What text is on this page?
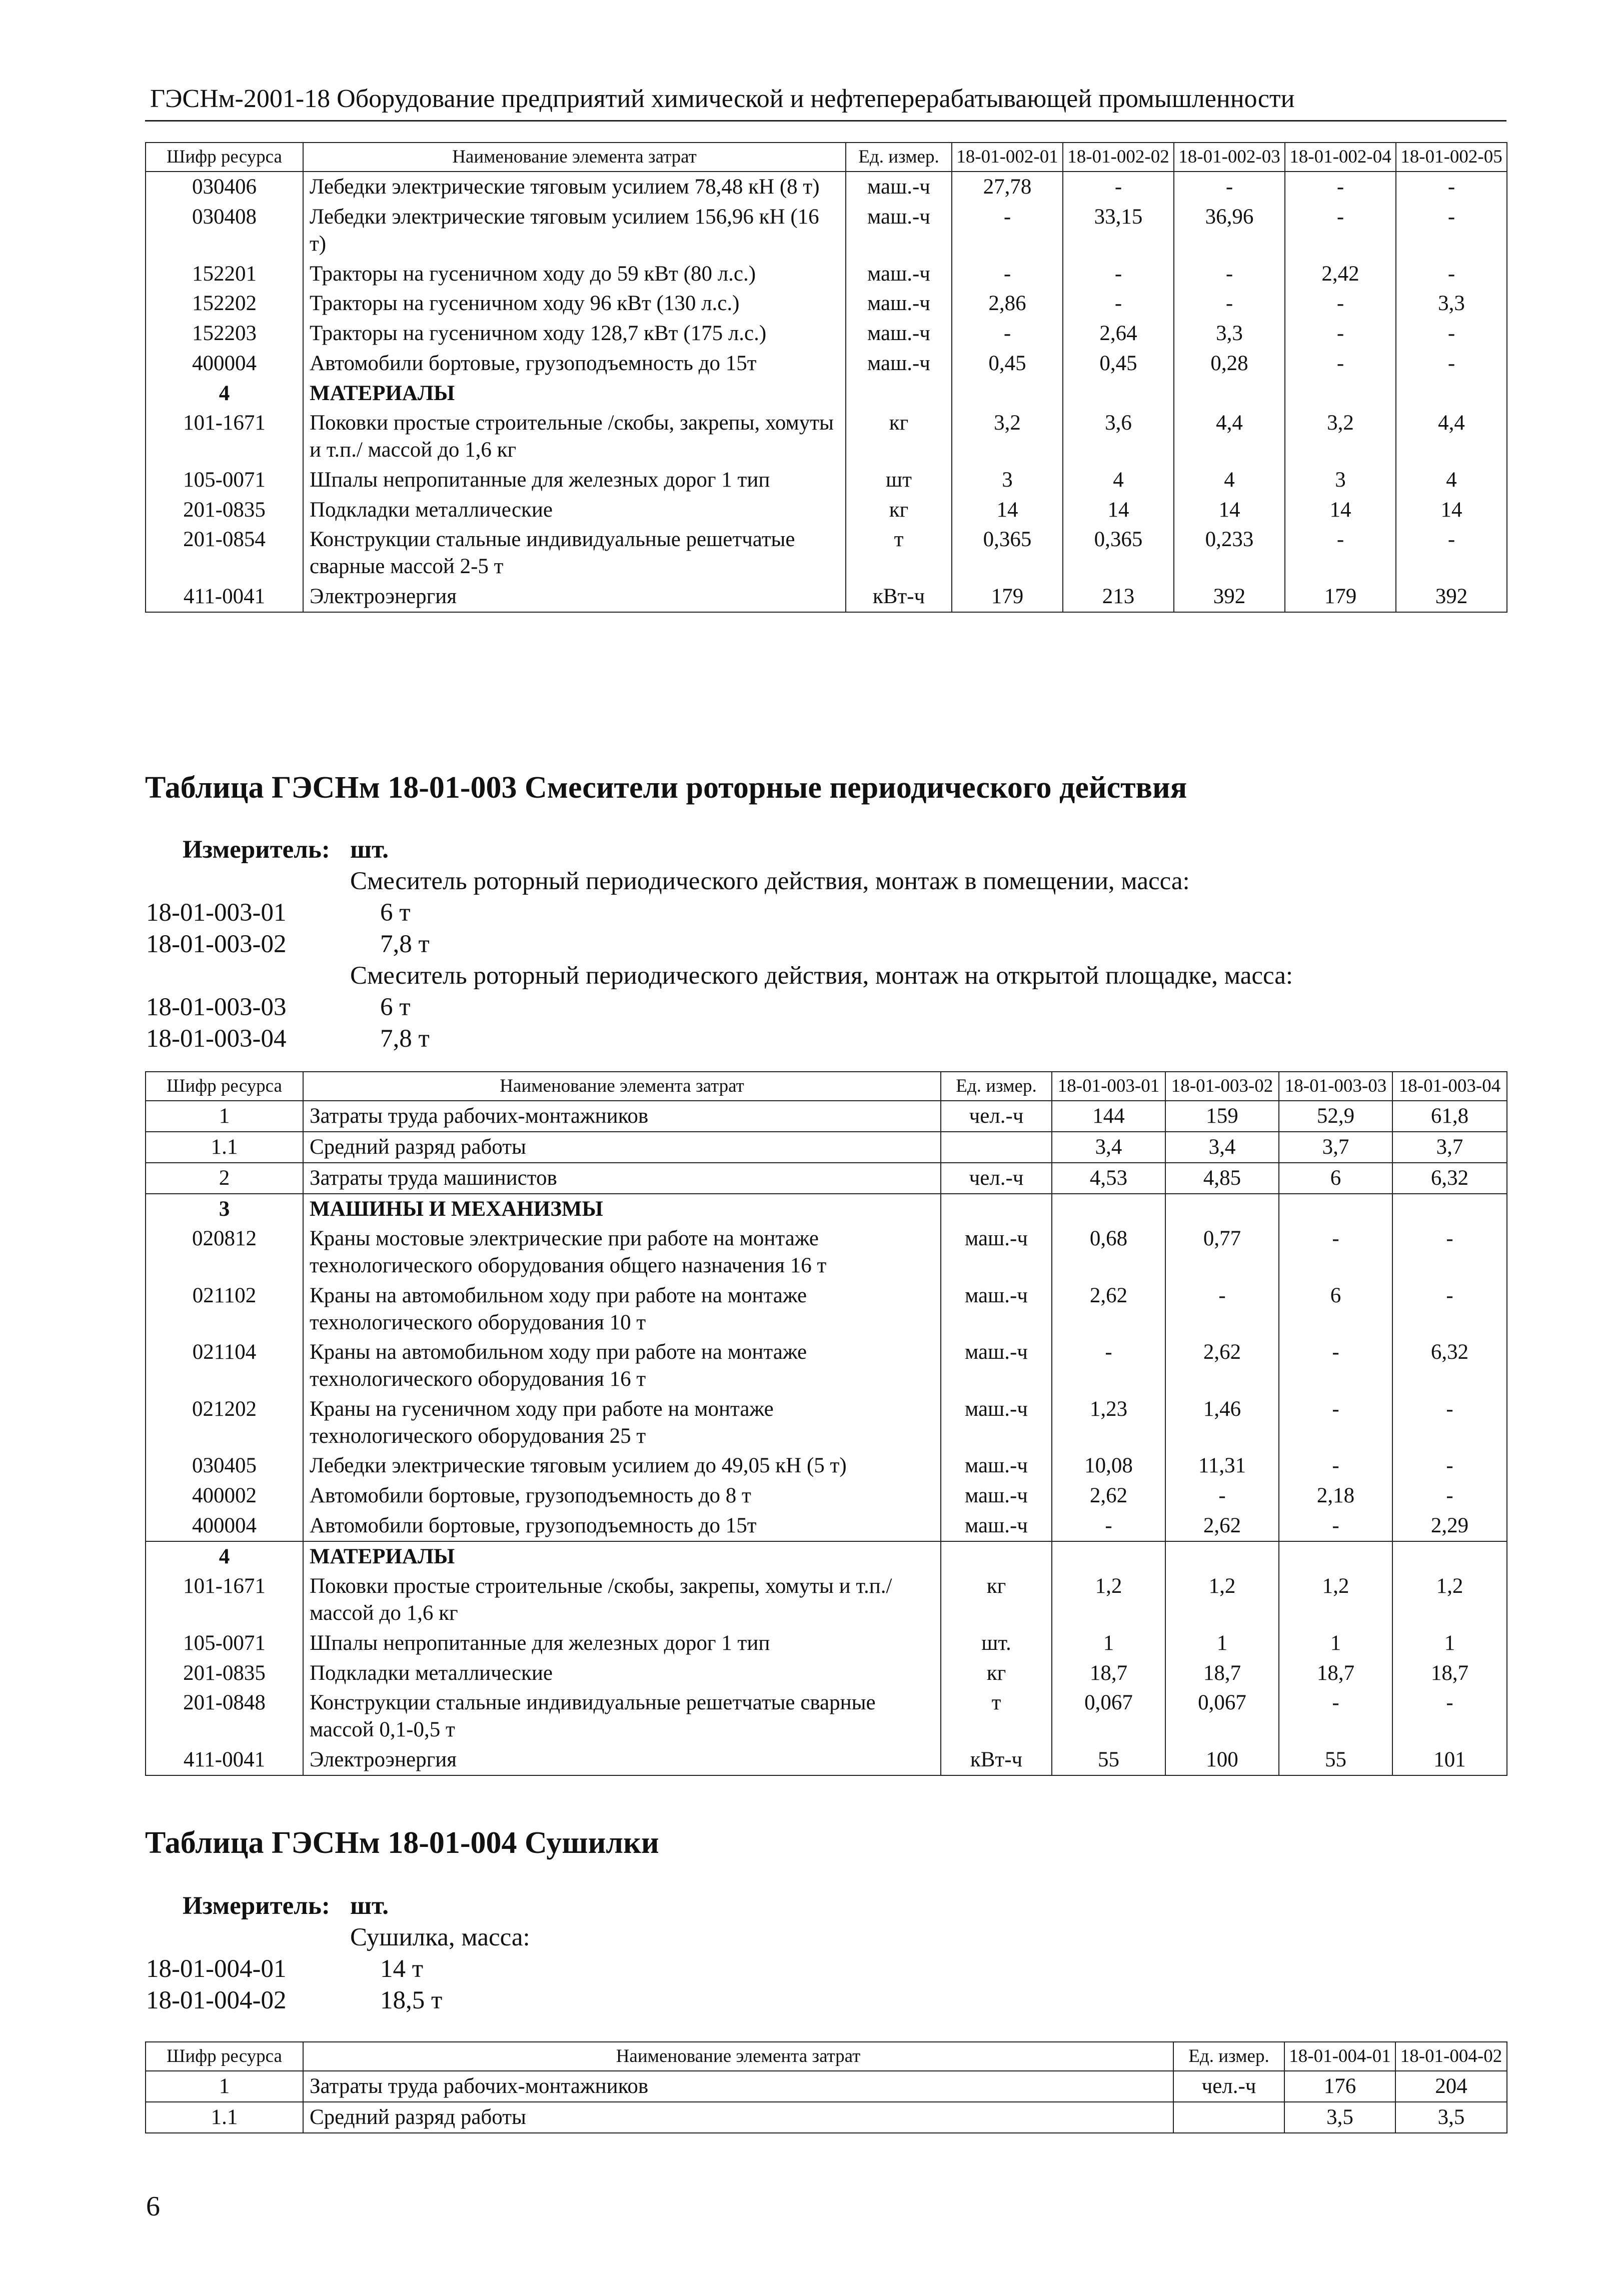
ГЭСНм-2001-18 Оборудование предприятий химической и нефтеперерабатывающей промышленности
Шифр ресурса	Наименование элемента затрат	Ед. измер.	18-01-002-01	18-01-002-02	18-01-002-03	18-01-002-04	18-01-002-05
030406	Лебедки электрические тяговым усилием 78,48 кН (8 т)	маш.-ч	27,78	-	-	-	-
030408	Лебедки электрические тяговым усилием 156,96 кН (16 т)	маш.-ч	-	33,15	36,96	-	-
152201	Тракторы на гусеничном ходу до 59 кВт (80 л.с.)	маш.-ч	-	-	-	2,42	-
152202	Тракторы на гусеничном ходу 96 кВт (130 л.с.)	маш.-ч	2,86	-	-	-	3,3
152203	Тракторы на гусеничном ходу 128,7 кВт (175 л.с.)	маш.-ч	-	2,64	3,3	-	-
400004	Автомобили бортовые, грузоподъемность до 15т	маш.-ч	0,45	0,45	0,28	-	-
4	МАТЕРИАЛЫ						
101-1671	Поковки простые строительные /скобы, закрепы, хомуты и т.п./ массой до 1,6 кг	кг	3,2	3,6	4,4	3,2	4,4
105-0071	Шпалы непропитанные для железных дорог 1 тип	шт	3	4	4	3	4
201-0835	Подкладки металлические	кг	14	14	14	14	14
201-0854	Конструкции стальные индивидуальные решетчатые сварные массой 2-5 т	т	0,365	0,365	0,233	-	-
411-0041	Электроэнергия	кВт-ч	179	213	392	179	392
Таблица ГЭСНм 18-01-003 Смесители роторные периодического действия
Измеритель: шт.
Смеситель роторный периодического действия, монтаж в помещении, масса:
18-01-003-01	6 т
18-01-003-02	7,8 т
Смеситель роторный периодического действия, монтаж на открытой площадке, масса:
18-01-003-03	6 т
18-01-003-04	7,8 т
Шифр ресурса	Наименование элемента затрат	Ед. измер.	18-01-003-01	18-01-003-02	18-01-003-03	18-01-003-04
1	Затраты труда рабочих-монтажников	чел.-ч	144	159	52,9	61,8
1.1	Средний разряд работы		3,4	3,4	3,7	3,7
2	Затраты труда машинистов	чел.-ч	4,53	4,85	6	6,32
3	МАШИНЫ И МЕХАНИЗМЫ					
020812	Краны мостовые электрические при работе на монтаже технологического оборудования общего назначения 16 т	маш.-ч	0,68	0,77	-	-
021102	Краны на автомобильном ходу при работе на монтаже технологического оборудования 10 т	маш.-ч	2,62	-	6	-
021104	Краны на автомобильном ходу при работе на монтаже технологического оборудования 16 т	маш.-ч	-	2,62	-	6,32
021202	Краны на гусеничном ходу при работе на монтаже технологического оборудования 25 т	маш.-ч	1,23	1,46	-	-
030405	Лебедки электрические тяговым усилием до 49,05 кН (5 т)	маш.-ч	10,08	11,31	-	-
400002	Автомобили бортовые, грузоподъемность до 8 т	маш.-ч	2,62	-	2,18	-
400004	Автомобили бортовые, грузоподъемность до 15т	маш.-ч	-	2,62	-	2,29
4	МАТЕРИАЛЫ					
101-1671	Поковки простые строительные /скобы, закрепы, хомуты и т.п./ массой до 1,6 кг	кг	1,2	1,2	1,2	1,2
105-0071	Шпалы непропитанные для железных дорог 1 тип	шт.	1	1	1	1
201-0835	Подкладки металлические	кг	18,7	18,7	18,7	18,7
201-0848	Конструкции стальные индивидуальные решетчатые сварные массой 0,1-0,5 т	т	0,067	0,067	-	-
411-0041	Электроэнергия	кВт-ч	55	100	55	101
Таблица ГЭСНм 18-01-004 Сушилки
Измеритель: шт.
Сушилка, масса:
18-01-004-01	14 т
18-01-004-02	18,5 т
Шифр ресурса	Наименование элемента затрат	Ед. измер.	18-01-004-01	18-01-004-02
1	Затраты труда рабочих-монтажников	чел.-ч	176	204
1.1	Средний разряд работы		3,5	3,5
6
